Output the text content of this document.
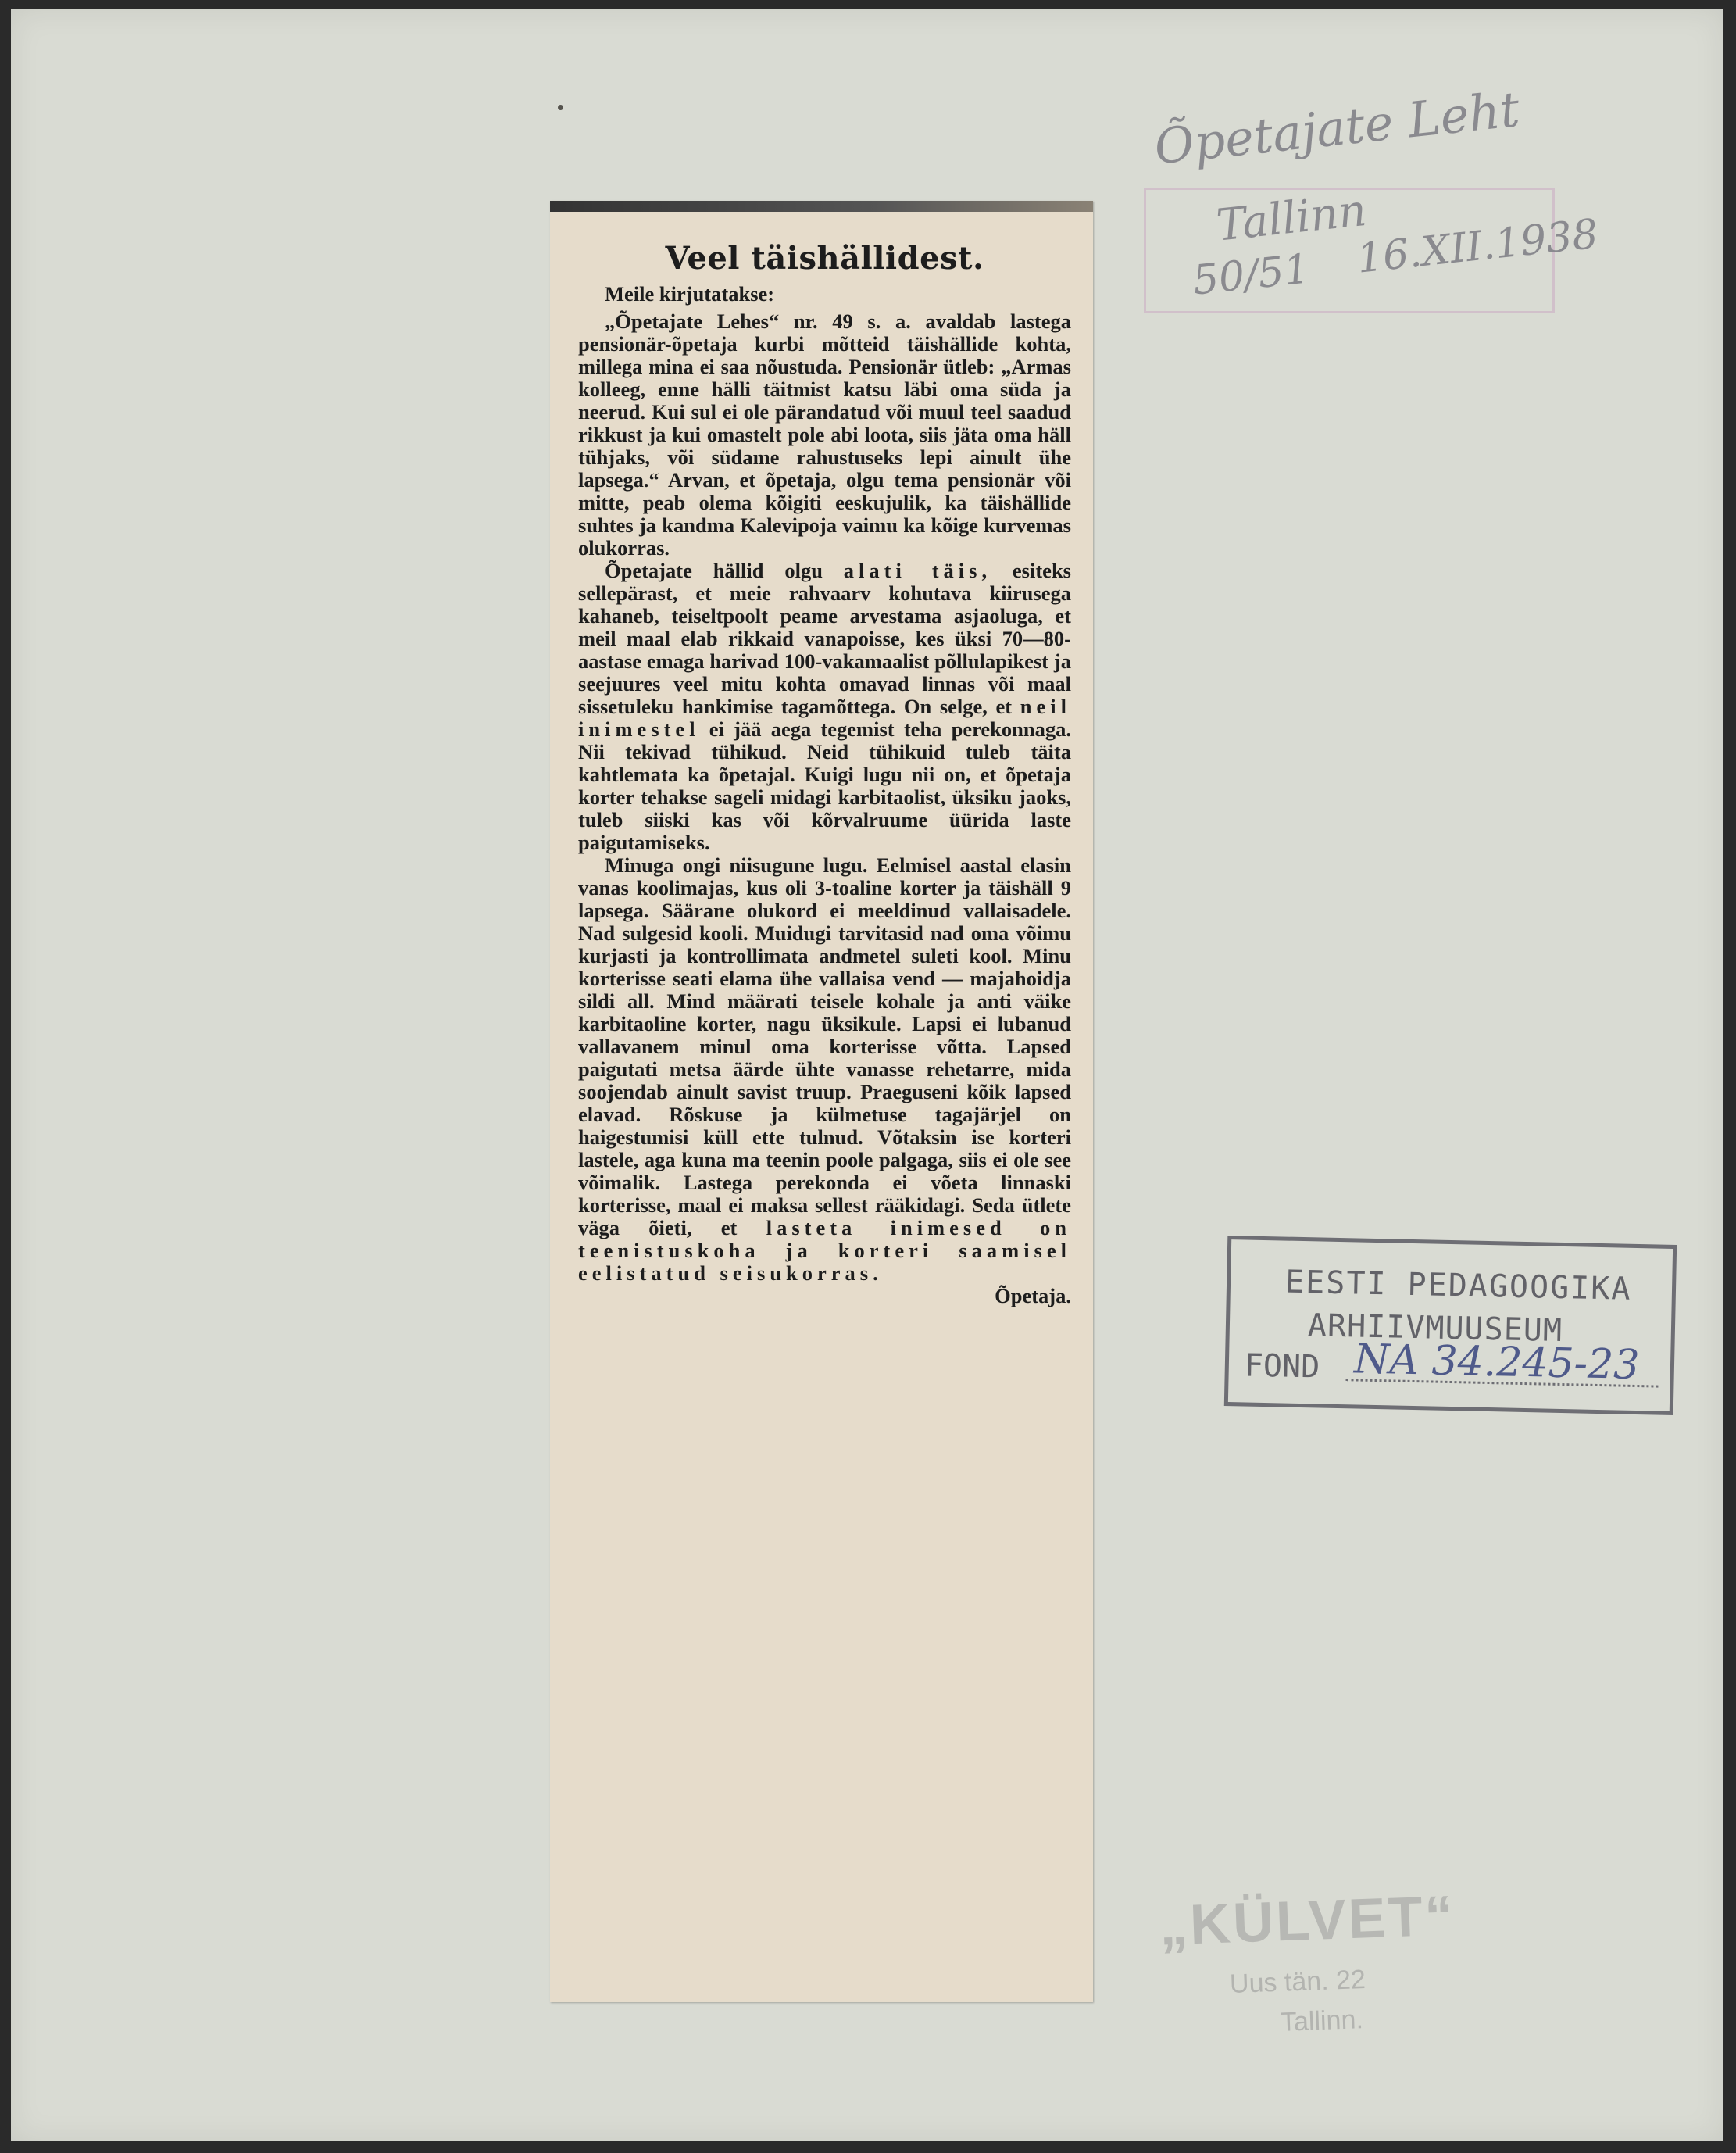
Õpetajate Leht
Tallinn
50/51 16.XII.1938
Veel täishällidest.

Meile kirjutatakse:

„Õpetajate Lehes“ nr. 49 s. a. avaldab lastega pensionär-õpetaja kurbi mõtteid täishällide kohta, millega mina ei saa nõustuda. Pensionär ütleb: „Armas kolleeg, enne hälli täitmist katsu läbi oma süda ja neerud. Kui sul ei ole pärandatud või muul teel saadud rikkust ja kui omastelt pole abi loota, siis jäta oma häll tühjaks, või südame rahustuseks lepi ainult ühe lapsega.“ Arvan, et õpetaja, olgu tema pensionär või mitte, peab olema kõigiti eeskujulik, ka täishällide suhtes ja kandma Kalevipoja vaimu ka kõige kurvemas olukorras.

Õpetajate hällid olgu alati täis, esiteks sellepärast, et meie rahvaarv kohutava kiirusega kahaneb, teiseltpoolt peame arvestama asjaoluga, et meil maal elab rikkaid vanapoisse, kes üksi 70—80-aastase emaga harivad 100-vakamaalist põllulapikest ja seejuures veel mitu kohta omavad linnas või maal sissetuleku hankimise tagamõttega. On selge, et neil inimestel ei jää aega tegemist teha perekonnaga. Nii tekivad tühikud. Neid tühikuid tuleb täita kahtlemata ka õpetajal. Kuigi lugu nii on, et õpetaja korter tehakse sageli midagi karbitaolist, üksiku jaoks, tuleb siiski kas või kõrvalruume üürida laste paigutamiseks.

Minuga ongi niisugune lugu. Eelmisel aastal elasin vanas koolimajas, kus oli 3-toaline korter ja täishäll 9 lapsega. Säärane olukord ei meeldinud vallaisadele. Nad sulgesid kooli. Muidugi tarvitasid nad oma võimu kurjasti ja kontrollimata andmetel suleti kool. Minu korterisse seati elama ühe vallaisa vend — majahoidja sildi all. Mind määrati teisele kohale ja anti väike karbitaoline korter, nagu üksikule. Lapsi ei lubanud vallavanem minul oma korterisse võtta. Lapsed paigutati metsa äärde ühte vanasse rehetarre, mida soojendab ainult savist truup. Praeguseni kõik lapsed elavad. Rõskuse ja külmetuse tagajärjel on haigestumisi küll ette tulnud. Võtaksin ise korteri lastele, aga kuna ma teenin poole palgaga, siis ei ole see võimalik. Lastega perekonda ei võeta linnaski korterisse, maal ei maksa sellest rääkidagi. Seda ütlete väga õieti, et lasteta inimesed on teenistuskoha ja korteri saamisel eelistatud seisukorras.

Õpetaja.	EESTI PEDAGOOGIKA
ARHIIVMUUSEUM
FOND NA 34.245-23
„KÜLVET“
Uus tän. 22
Tallinn.
